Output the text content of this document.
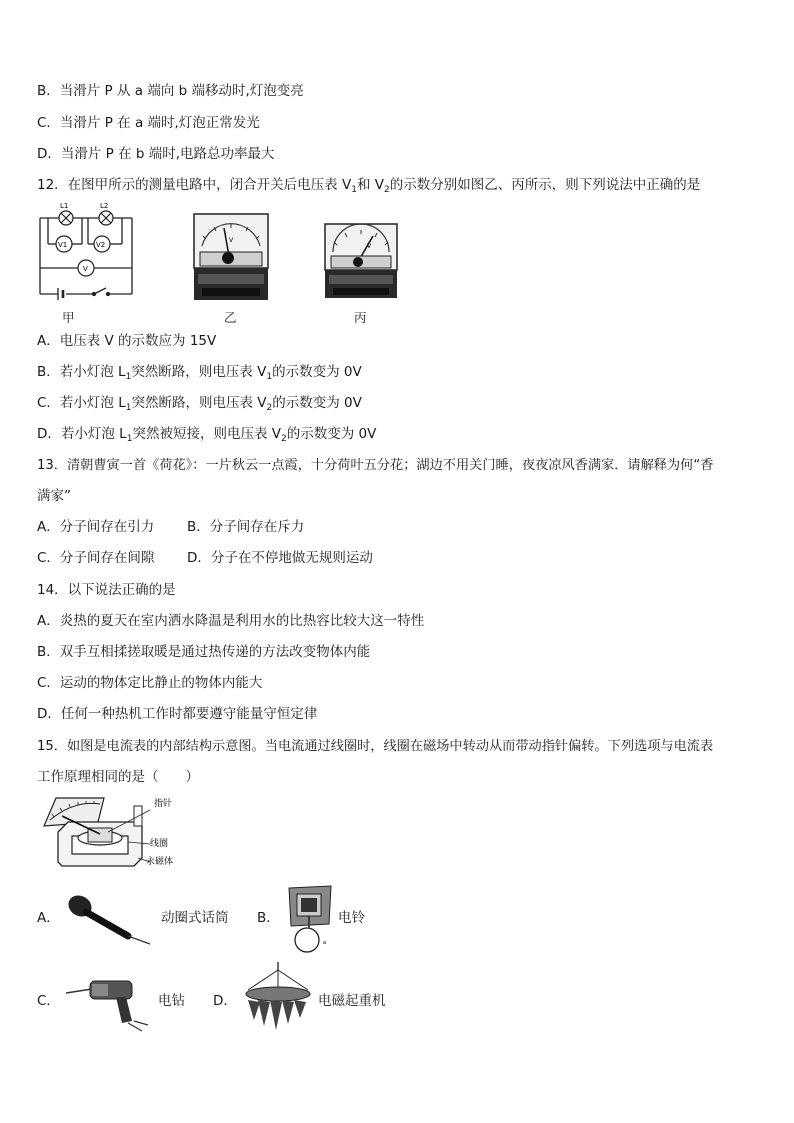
B．当滑片 P 从 a 端向 b 端移动时,灯泡变亮
C．当滑片 P 在 a 端时,灯泡正常发光
D．当滑片 P 在 b 端时,电路总功率最大
12．在图甲所示的测量电路中，闭合开关后电压表 $V_1$和 $V_2$的示数分别如图乙、丙所示，则下列说法中正确的是
L1	L2
V1	V2
V
甲
V
乙
V
丙
A．电压表 V 的示数应为 15V
B．若小灯泡 $L_1$突然断路，则电压表 $V_1$的示数变为 0V
C．若小灯泡 $L_1$突然断路，则电压表 $V_2$的示数变为 0V
D．若小灯泡 $L_1$突然被短接，则电压表 $V_2$的示数变为 0V
13．清朝曹寅一首《荷花》：一片秋云一点霞，十分荷叶五分花；湖边不用关门睡，夜夜凉风香满家．请解释为何“香
满家”
A．分子间存在引力 B．分子间存在斥力
C．分子间存在间隙 D．分子在不停地做无规则运动
14．以下说法正确的是
A．炎热的夏天在室内洒水降温是利用水的比热容比较大这一特性
B．双手互相揉搓取暖是通过热传递的方法改变物体内能
C．运动的物体定比静止的物体内能大
D．任何一种热机工作时都要遵守能量守恒定律
15．如图是电流表的内部结构示意图。当电流通过线圈时，线圈在磁场中转动从而带动指针偏转。下列选项与电流表
工作原理相同的是（　　）
指针
线圈
永磁体
A．	动圈式话筒 B．
a
电铃
C．	电钻 D．	电磁起重机
